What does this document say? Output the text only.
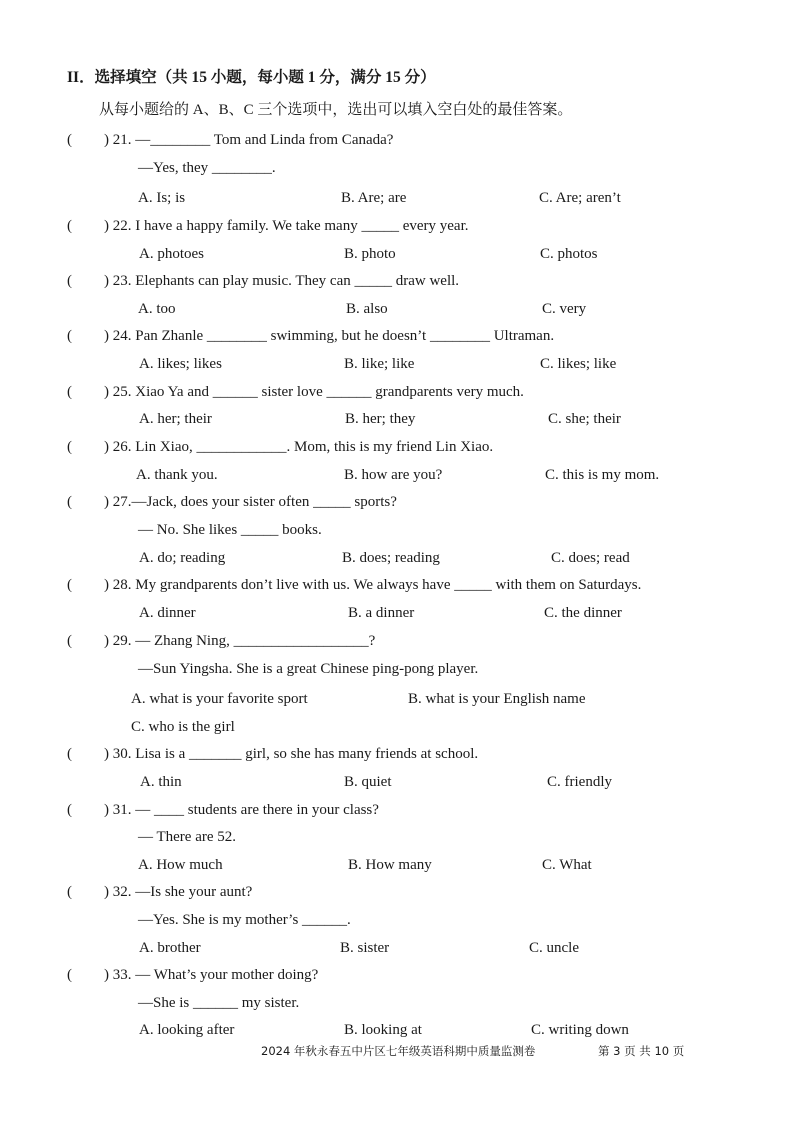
II．选择填空（共 15 小题，每小题 1 分，满分 15 分）
从每小题给的 A、B、C 三个选项中，选出可以填入空白处的最佳答案。
( ) 21. —________ Tom and Linda from Canada?
—Yes, they ________.
A. Is; is	B. Are; are	C. Are; aren’t
( ) 22. I have a happy family. We take many _____ every year.
A. photoes	B. photo	C. photos
( ) 23. Elephants can play music. They can _____ draw well.
A. too	B. also	C. very
( ) 24. Pan Zhanle ________ swimming, but he doesn’t ________ Ultraman.
A. likes; likes	B. like; like	C. likes; like
( ) 25. Xiao Ya and ______ sister love ______ grandparents very much.
A. her; their	B. her; they	C. she; their
( ) 26. Lin Xiao, ____________. Mom, this is my friend Lin Xiao.
A. thank you.	B. how are you?	C. this is my mom.
( ) 27.—Jack, does your sister often _____ sports?
— No. She likes _____ books.
A. do; reading	B. does; reading	C. does; read
( ) 28. My grandparents don’t live with us. We always have _____ with them on Saturdays.
A. dinner	B. a dinner	C. the dinner
( ) 29. — Zhang Ning, __________________?
—Sun Yingsha. She is a great Chinese ping-pong player.
A. what is your favorite sport	B. what is your English name
C. who is the girl
( ) 30. Lisa is a _______ girl, so she has many friends at school.
A. thin	B. quiet	C. friendly
( ) 31. — ____ students are there in your class?
— There are 52.
A. How much	B. How many	C. What
( ) 32. —Is she your aunt?
—Yes. She is my mother’s ______.
A. brother	B. sister	C. uncle
( ) 33. — What’s your mother doing?
—She is ______ my sister.
A. looking after	B. looking at	C. writing down
2024 年秋永春五中片区七年级英语科期中质量监测卷	第 3 页 共 10 页
